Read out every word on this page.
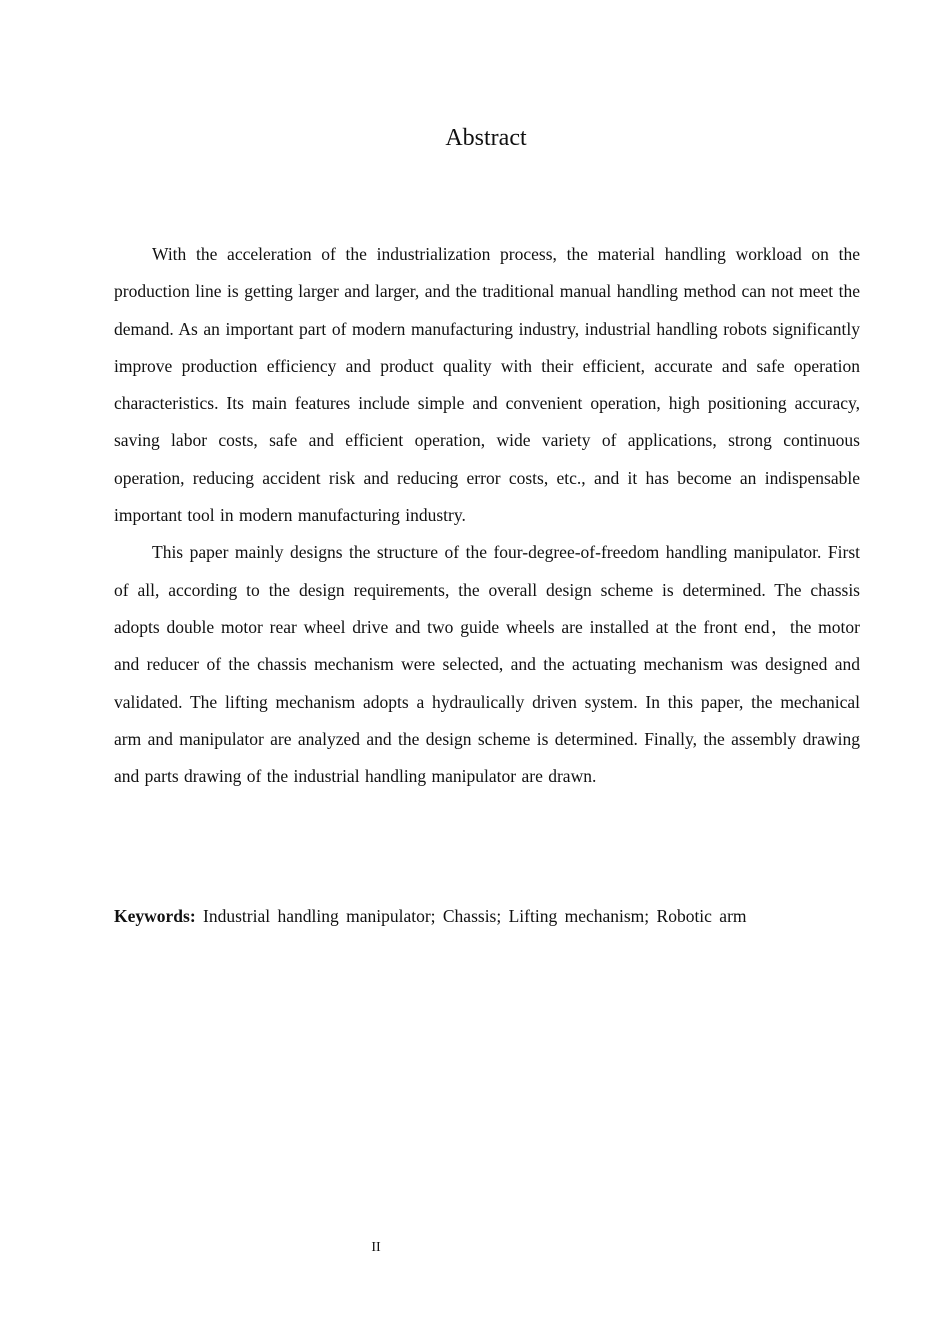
Abstract

With the acceleration of the industrialization process, the material handling workload on the production line is getting larger and larger, and the traditional manual handling method can not meet the demand. As an important part of modern manufacturing industry, industrial handling robots significantly improve production efficiency and product quality with their efficient, accurate and safe operation characteristics. Its main features include simple and convenient operation, high positioning accuracy, saving labor costs, safe and efficient operation, wide variety of applications, strong continuous operation, reducing accident risk and reducing error costs, etc., and it has become an indispensable important tool in modern manufacturing industry.

This paper mainly designs the structure of the four-degree-of-freedom handling manipulator. First of all, according to the design requirements, the overall design scheme is determined. The chassis adopts double motor rear wheel drive and two guide wheels are installed at the front end，the motor and reducer of the chassis mechanism were selected, and the actuating mechanism was designed and validated. The lifting mechanism adopts a hydraulically driven system. In this paper, the mechanical arm and manipulator are analyzed and the design scheme is determined. Finally, the assembly drawing and parts drawing of the industrial handling manipulator are drawn.

Keywords: Industrial handling manipulator; Chassis; Lifting mechanism; Robotic arm

II
